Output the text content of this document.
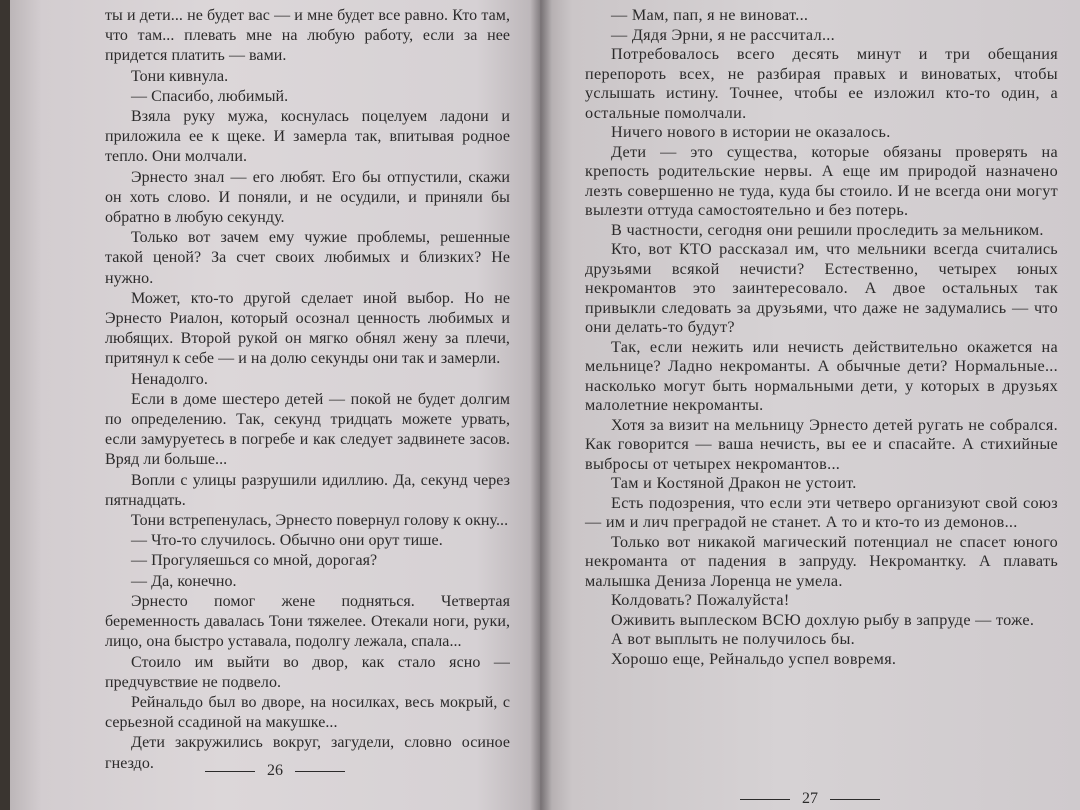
ты и дети... не будет вас — и мне будет все равно. Кто там, что там... плевать мне на любую работу, если за нее придется платить — вами.

Тони кивнула.

— Спасибо, любимый.

Взяла руку мужа, коснулась поцелуем ладони и приложила ее к щеке. И замерла так, впитывая родное тепло. Они молчали.

Эрнесто знал — его любят. Его бы отпустили, скажи он хоть слово. И поняли, и не осудили, и приняли бы обратно в любую секунду.

Только вот зачем ему чужие проблемы, решенные такой ценой? За счет своих любимых и близких? Не нужно.

Может, кто-то другой сделает иной выбор. Но не Эрнесто Риалон, который осознал ценность любимых и любящих. Второй рукой он мягко обнял жену за плечи, притянул к себе — и на долю секунды они так и замерли.

Ненадолго.

Если в доме шестеро детей — покой не будет долгим по определению. Так, секунд тридцать можете урвать, если замуруетесь в погребе и как следует задвинете засов. Вряд ли больше...

Вопли с улицы разрушили идиллию. Да, секунд через пятнадцать.

Тони встрепенулась, Эрнесто повернул голову к окну...

— Что-то случилось. Обычно они орут тише.

— Прогуляешься со мной, дорогая?

— Да, конечно.

Эрнесто помог жене подняться. Четвертая беременность давалась Тони тяжелее. Отекали ноги, руки, лицо, она быстро уставала, подолгу лежала, спала...

Стоило им выйти во двор, как стало ясно — предчувствие не подвело.

Рейнальдо был во дворе, на носилках, весь мокрый, с серьезной ссадиной на макушке...

Дети закружились вокруг, загудели, словно осиное гнездо.	26

— Мам, пап, я не виноват...

— Дядя Эрни, я не рассчитал...

Потребовалось всего десять минут и три обещания перепороть всех, не разбирая правых и виноватых, чтобы услышать истину. Точнее, чтобы ее изложил кто-то один, а остальные помолчали.

Ничего нового в истории не оказалось.

Дети — это существа, которые обязаны проверять на крепость родительские нервы. А еще им природой назначено лезть совершенно не туда, куда бы стоило. И не всегда они могут вылезти оттуда самостоятельно и без потерь.

В частности, сегодня они решили проследить за мельником.

Кто, вот КТО рассказал им, что мельники всегда считались друзьями всякой нечисти? Естественно, четырех юных некромантов это заинтересовало. А двое остальных так привыкли следовать за друзьями, что даже не задумались — что они делать-то будут?

Так, если нежить или нечисть действительно окажется на мельнице? Ладно некроманты. А обычные дети? Нормальные... насколько могут быть нормальными дети, у которых в друзьях малолетние некроманты.

Хотя за визит на мельницу Эрнесто детей ругать не собрался. Как говорится — ваша нечисть, вы ее и спасайте. А стихийные выбросы от четырех некромантов...

Там и Костяной Дракон не устоит.

Есть подозрения, что если эти четверо организуют свой союз — им и лич преградой не станет. А то и кто-то из демонов...

Только вот никакой магический потенциал не спасет юного некроманта от падения в запруду. Некромантку. А плавать малышка Дениза Лоренца не умела.

Колдовать? Пожалуйста!

Оживить выплеском ВСЮ дохлую рыбу в запруде — тоже.

А вот выплыть не получилось бы.

Хорошо еще, Рейнальдо успел вовремя.

27
